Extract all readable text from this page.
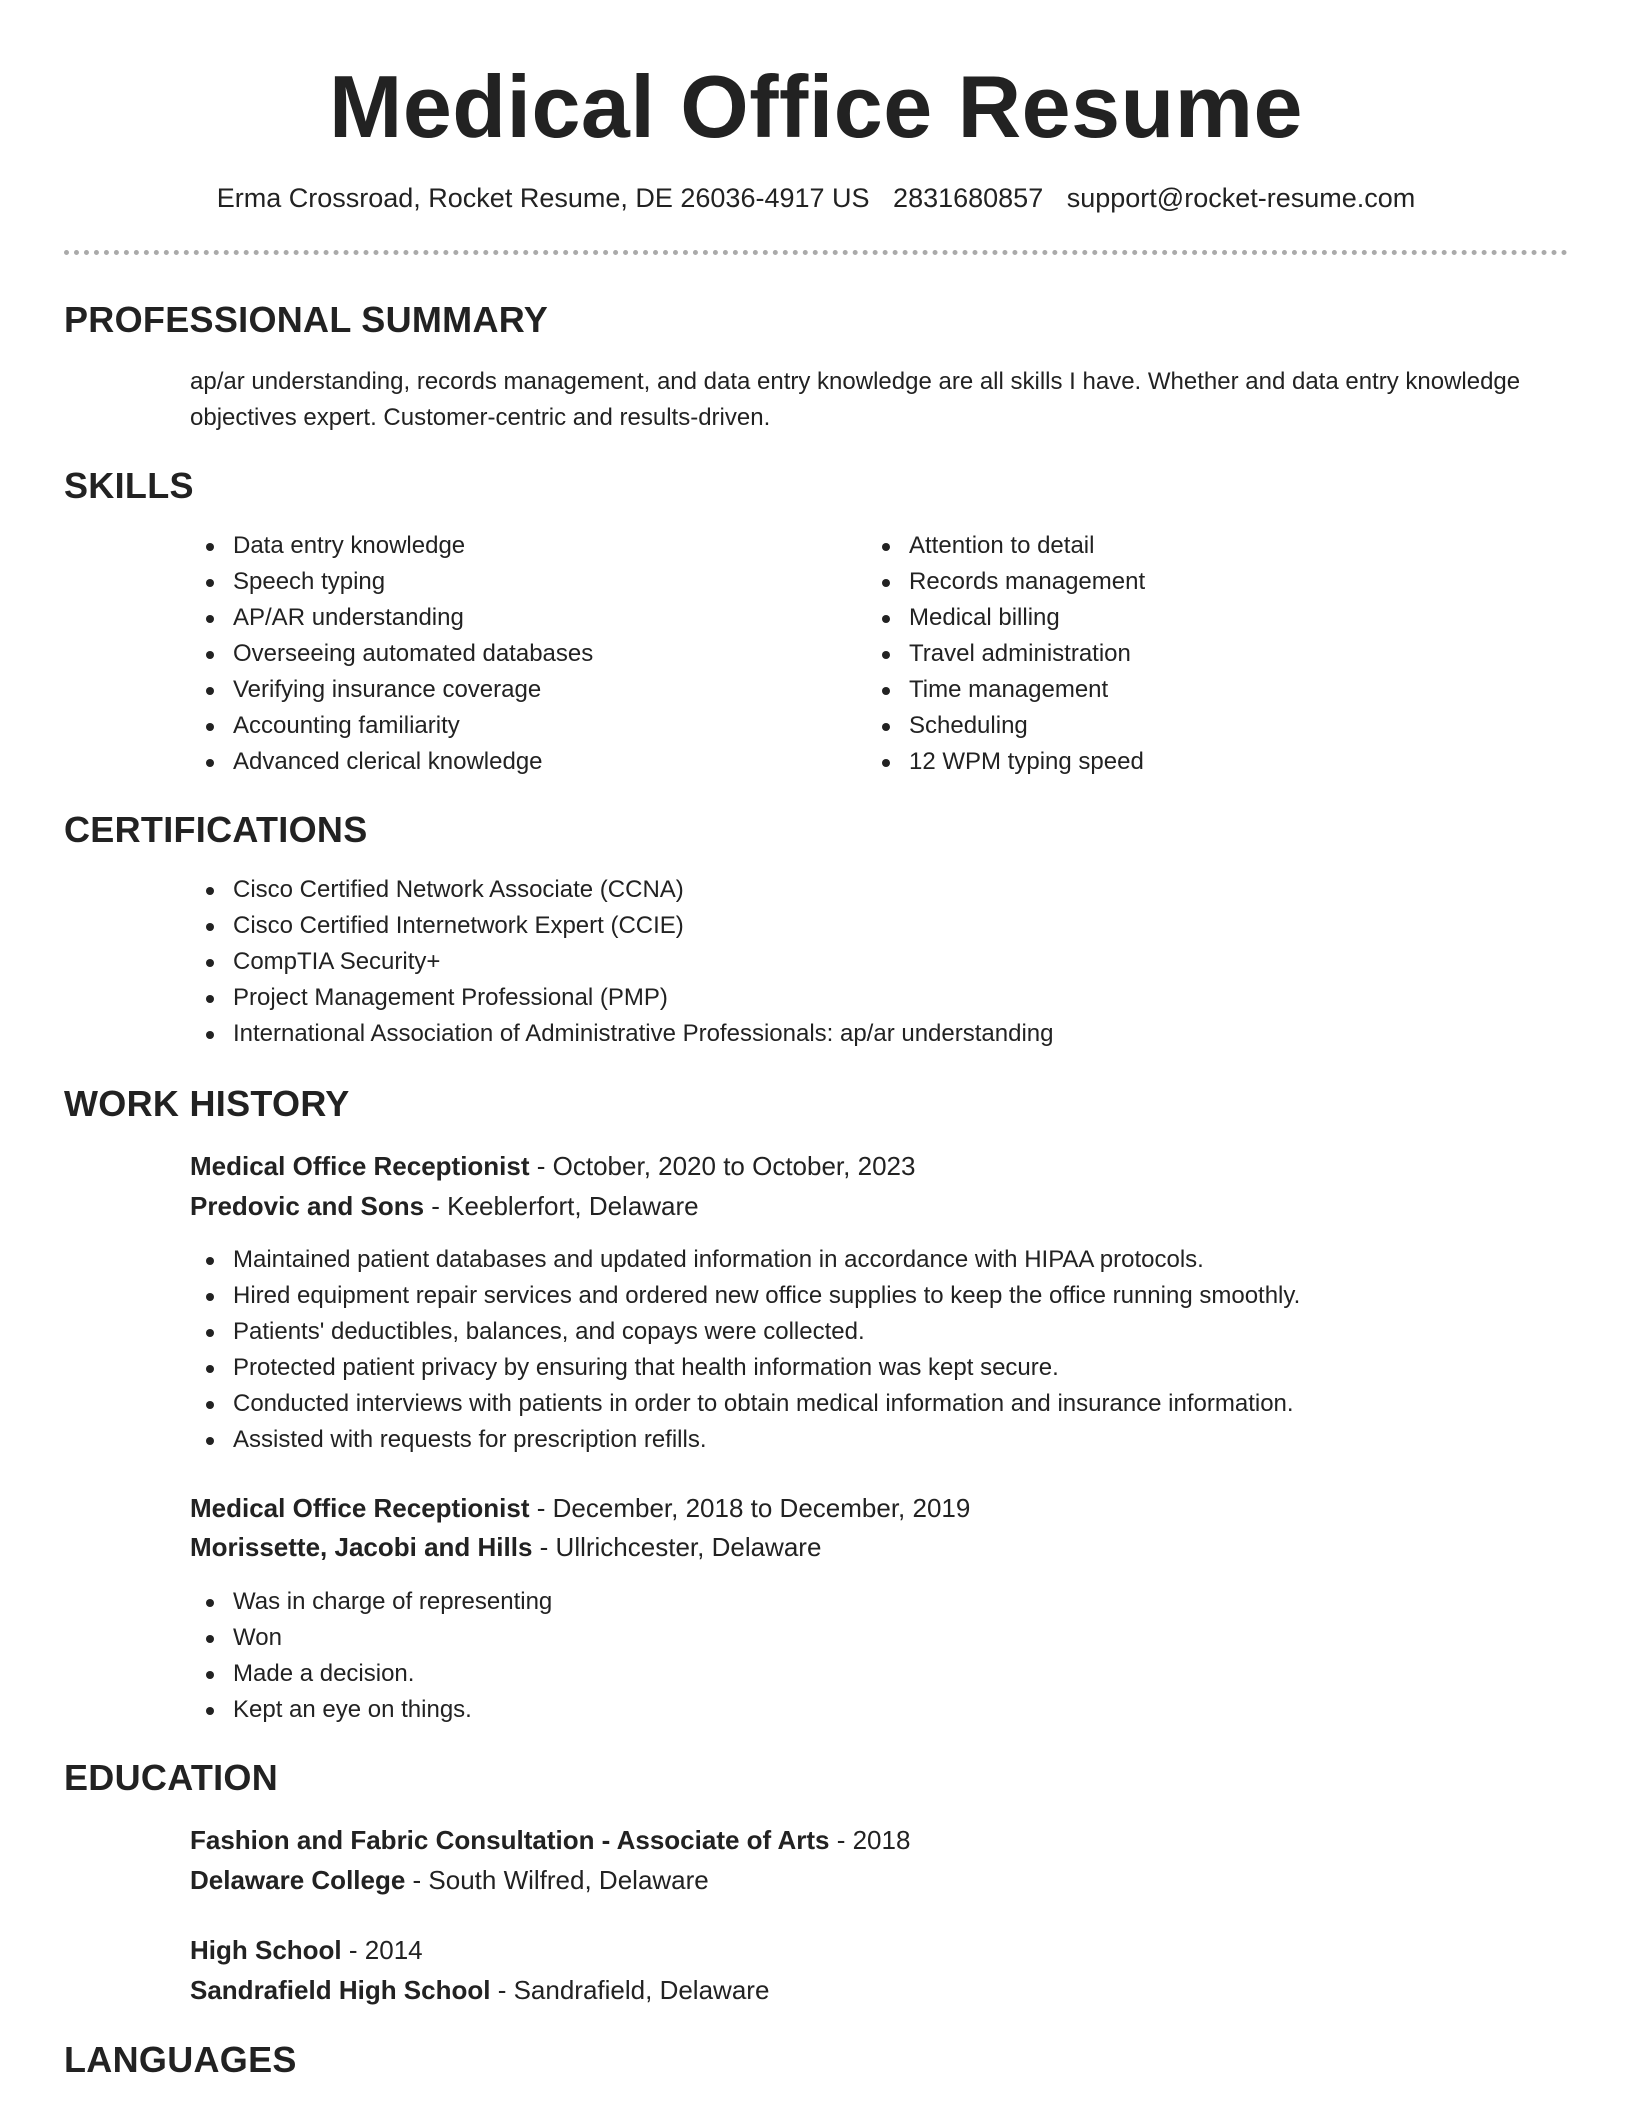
Medical Office Resume
Erma Crossroad, Rocket Resume, DE 26036-4917 US 2831680857 support@rocket-resume.com
PROFESSIONAL SUMMARY
ap/ar understanding, records management, and data entry knowledge are all skills I have. Whether and data entry knowledge objectives expert. Customer-centric and results-driven.
SKILLS
Data entry knowledge
Speech typing
AP/AR understanding
Overseeing automated databases
Verifying insurance coverage
Accounting familiarity
Advanced clerical knowledge
Attention to detail
Records management
Medical billing
Travel administration
Time management
Scheduling
12 WPM typing speed
CERTIFICATIONS
Cisco Certified Network Associate (CCNA)
Cisco Certified Internetwork Expert (CCIE)
CompTIA Security+
Project Management Professional (PMP)
International Association of Administrative Professionals: ap/ar understanding
WORK HISTORY
Medical Office Receptionist - October, 2020 to October, 2023
Predovic and Sons - Keeblerfort, Delaware
Maintained patient databases and updated information in accordance with HIPAA protocols.
Hired equipment repair services and ordered new office supplies to keep the office running smoothly.
Patients' deductibles, balances, and copays were collected.
Protected patient privacy by ensuring that health information was kept secure.
Conducted interviews with patients in order to obtain medical information and insurance information.
Assisted with requests for prescription refills.
Medical Office Receptionist - December, 2018 to December, 2019
Morissette, Jacobi and Hills - Ullrichcester, Delaware
Was in charge of representing
Won
Made a decision.
Kept an eye on things.
EDUCATION
Fashion and Fabric Consultation - Associate of Arts - 2018
Delaware College - South Wilfred, Delaware
High School - 2014
Sandrafield High School - Sandrafield, Delaware
LANGUAGES
